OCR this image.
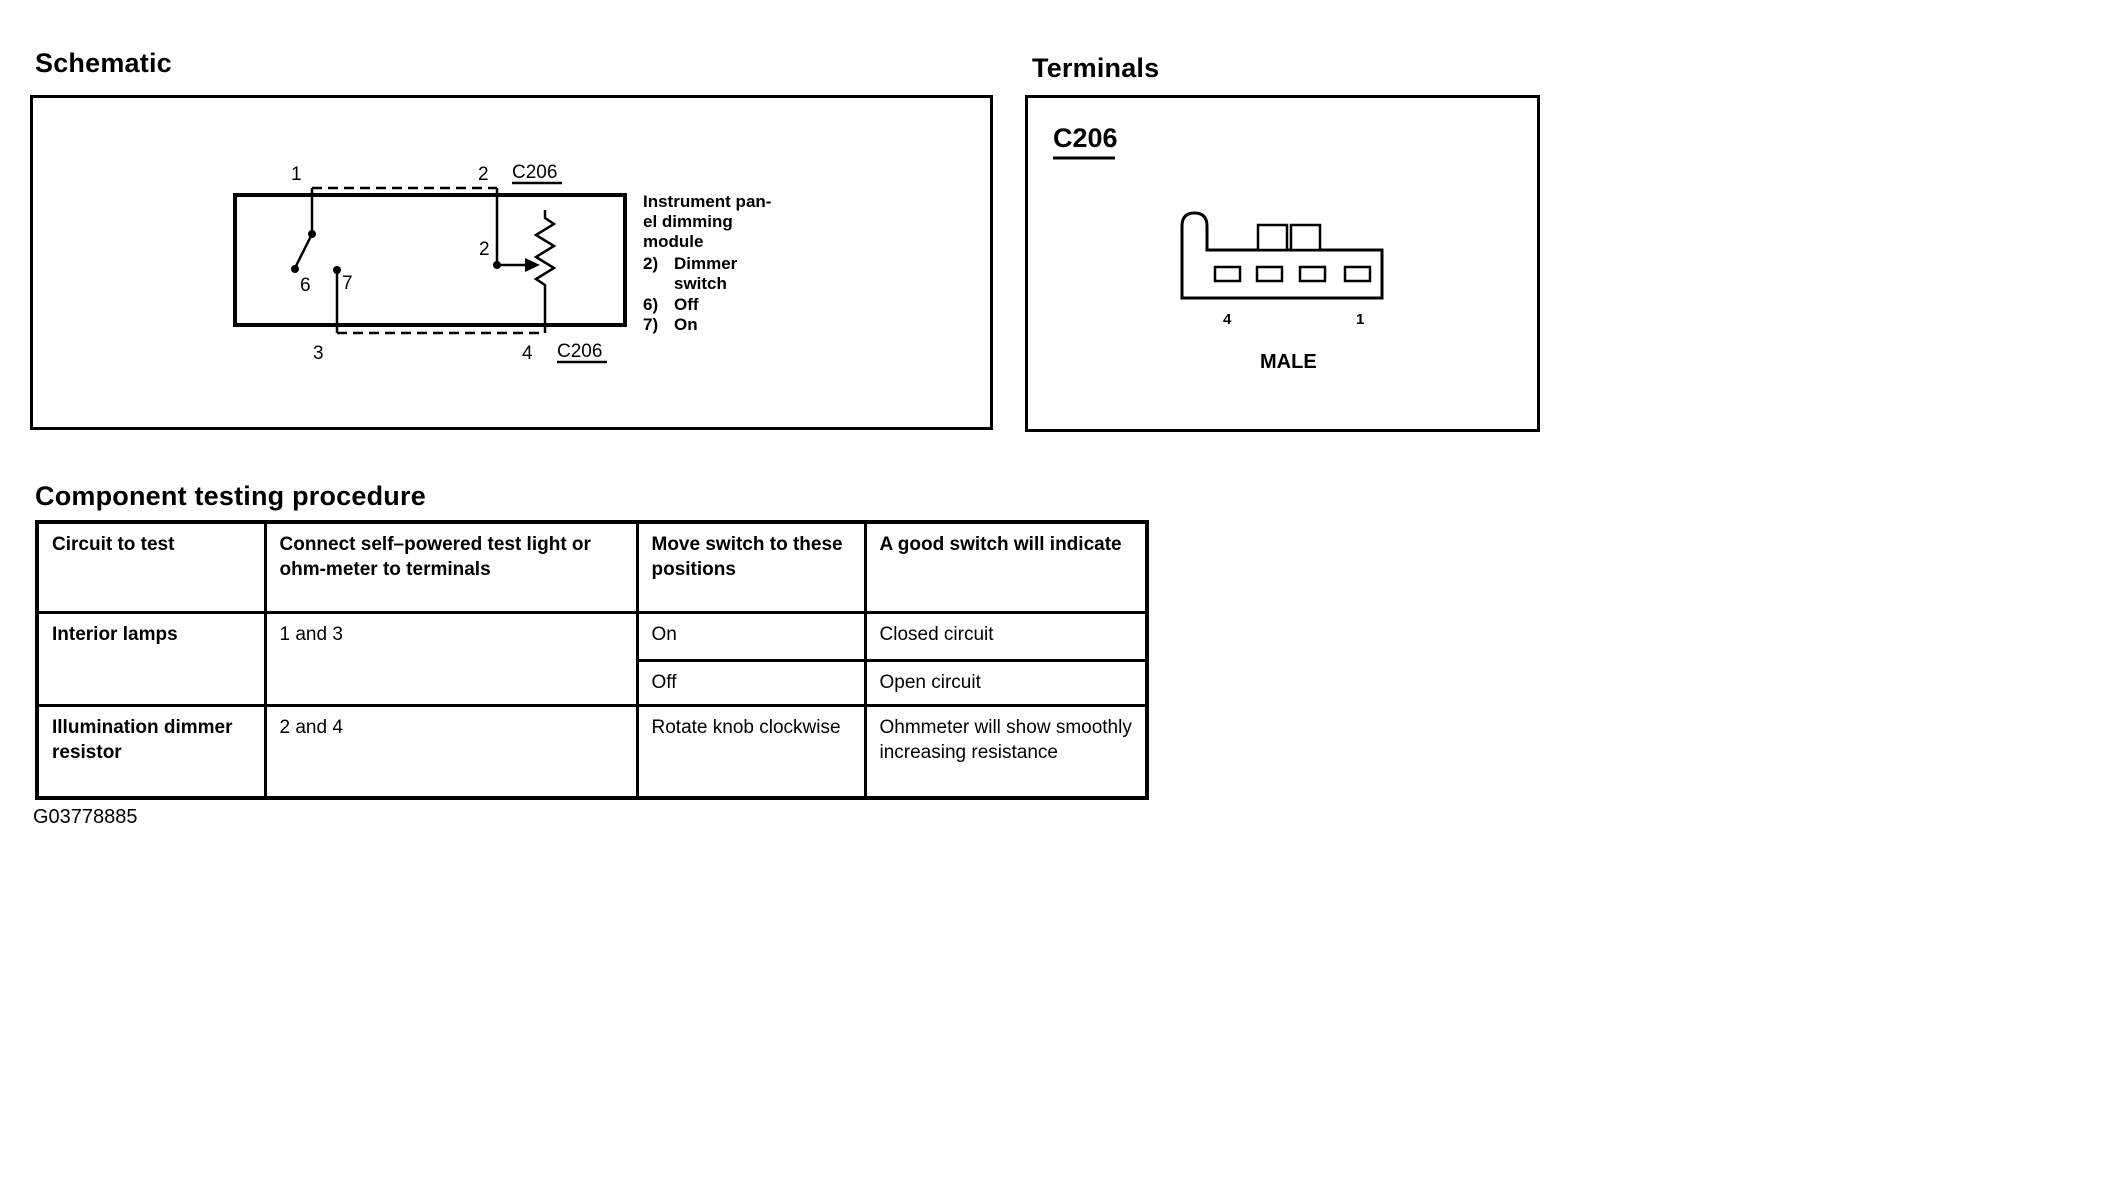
Schematic
1	2 C206
2
6 7
3	4 C206
Instrument pan-
el dimming
module
2) Dimmer
switch
6) Off
7) On
Terminals
C206
4	1
MALE
Component testing procedure
Circuit to test	Connect self–powered test light or ohm-meter to terminals	Move switch to these positions	A good switch will indicate
Interior lamps	1 and 3	On	Closed circuit
		Off	Open circuit
Illumination dimmer resistor	2 and 4	Rotate knob clockwise	Ohmmeter will show smoothly increasing resistance
G03778885
